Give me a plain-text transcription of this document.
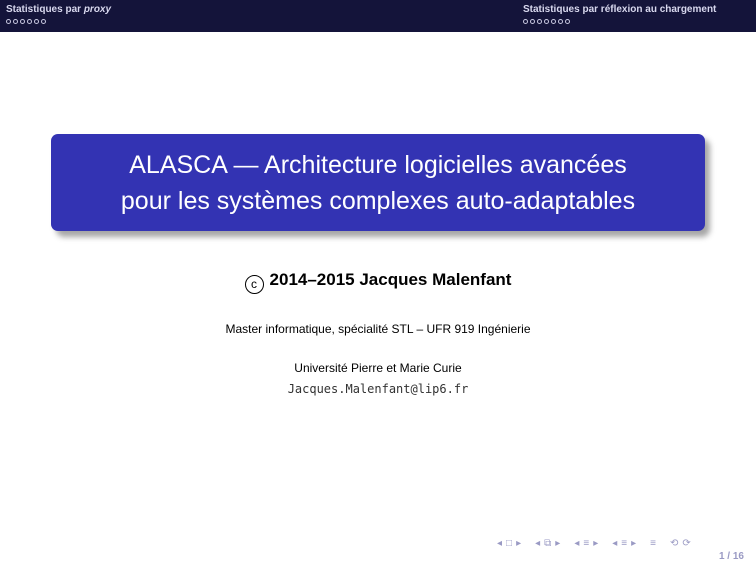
Statistiques par proxy	Statistiques par réflexion au chargement
ALASCA — Architecture logicielles avancées
pour les systèmes complexes auto-adaptables
c 2014–2015 Jacques Malenfant
Master informatique, spécialité STL – UFR 919 Ingénierie
Université Pierre et Marie Curie
Jacques.Malenfant@lip6.fr
◂ □ ▸ ◂ ⧉ ▸ ◂ ≡ ▸ ◂ ≡ ▸ ≡ ⟲ ⟳
1 / 16
